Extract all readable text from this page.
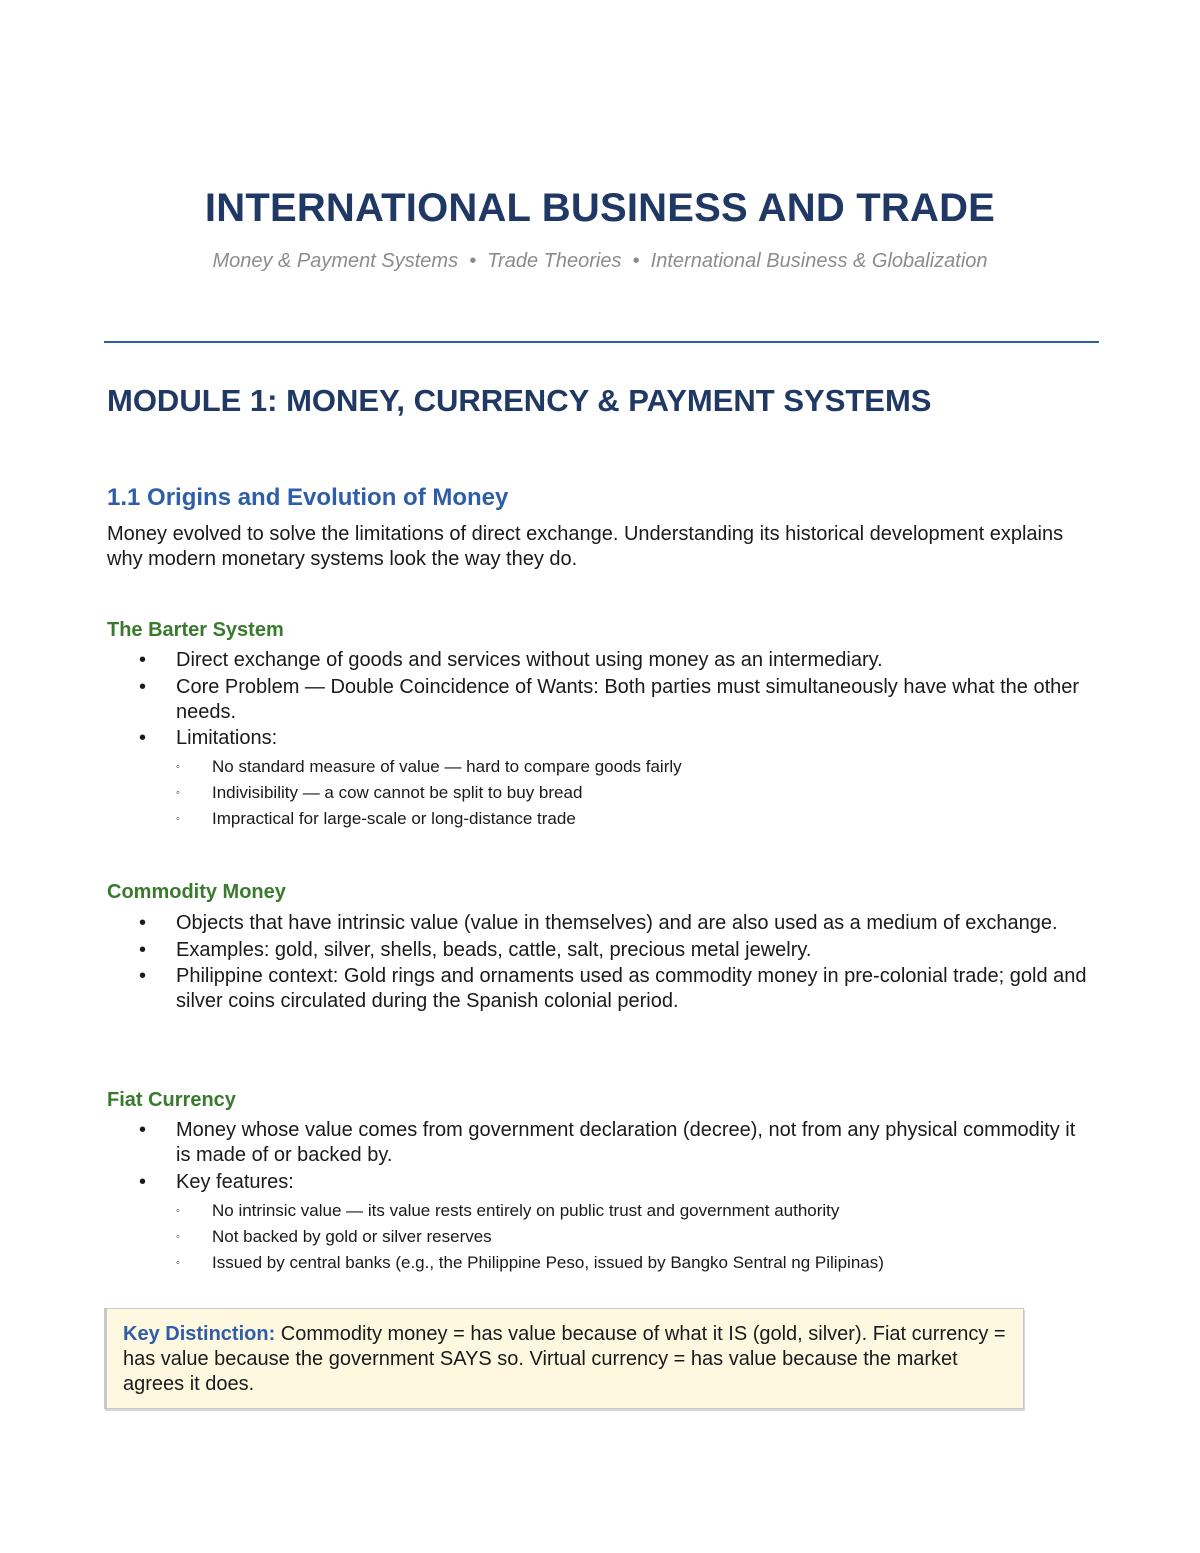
INTERNATIONAL BUSINESS AND TRADE

Money & Payment Systems  •  Trade Theories  •  International Business & Globalization

MODULE 1: MONEY, CURRENCY & PAYMENT SYSTEMS
1.1 Origins and Evolution of Money

Money evolved to solve the limitations of direct exchange. Understanding its historical development explains why modern monetary systems look the way they do.

The Barter System
• Direct exchange of goods and services without using money as an intermediary.
• Core Problem — Double Coincidence of Wants: Both parties must simultaneously have what the other needs.
• Limitations:
◦ No standard measure of value — hard to compare goods fairly
◦ Indivisibility — a cow cannot be split to buy bread
◦ Impractical for large-scale or long-distance trade
Commodity Money
• Objects that have intrinsic value (value in themselves) and are also used as a medium of exchange.
• Examples: gold, silver, shells, beads, cattle, salt, precious metal jewelry.
• Philippine context: Gold rings and ornaments used as commodity money in pre-colonial trade; gold and silver coins circulated during the Spanish colonial period.
Fiat Currency
• Money whose value comes from government declaration (decree), not from any physical commodity it is made of or backed by.
• Key features:
◦ No intrinsic value — its value rests entirely on public trust and government authority
◦ Not backed by gold or silver reserves
◦ Issued by central banks (e.g., the Philippine Peso, issued by Bangko Sentral ng Pilipinas)
Key Distinction: Commodity money = has value because of what it IS (gold, silver). Fiat currency = has value because the government SAYS so. Virtual currency = has value because the market agrees it does.
